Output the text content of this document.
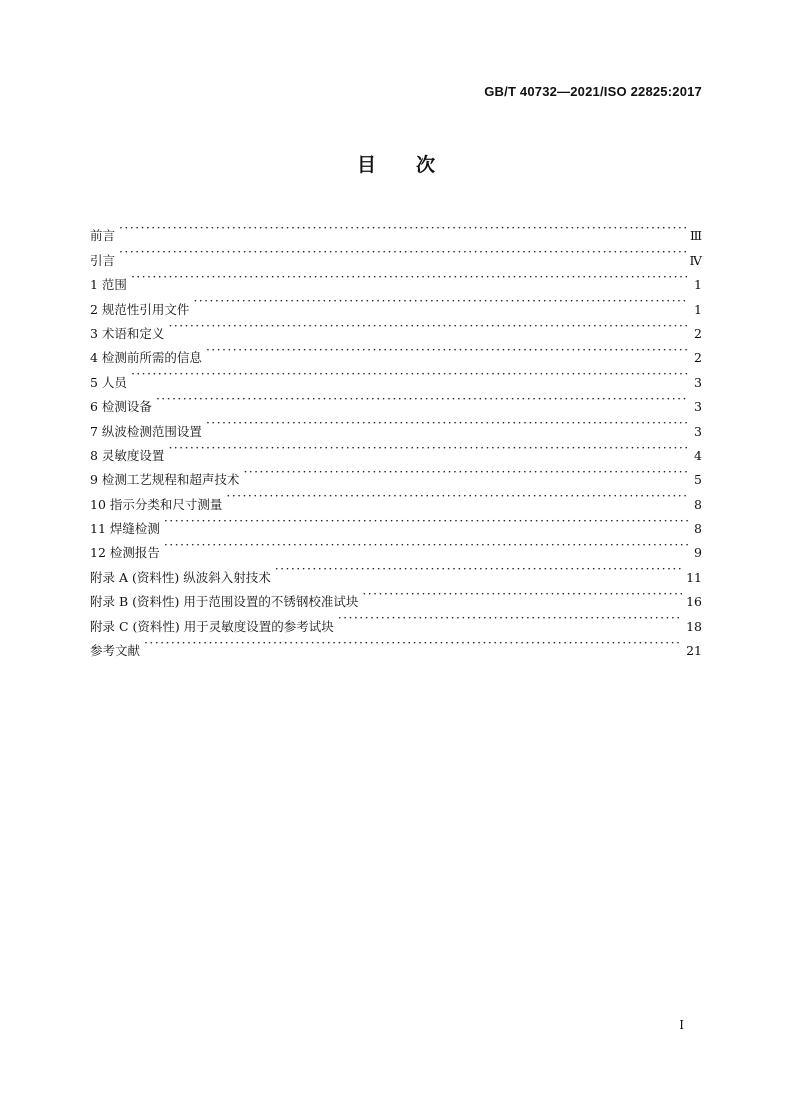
GB/T 40732—2021/ISO 22825:2017
目 次
前言 ·····	Ⅲ
引言 ·····	Ⅳ
1 范围 ·····	1
2 规范性引用文件 ·····	1
3 术语和定义 ·····	2
4 检测前所需的信息 ·····	2
5 人员 ·····	3
6 检测设备 ·····	3
7 纵波检测范围设置 ·····	3
8 灵敏度设置 ·····	4
9 检测工艺规程和超声技术 ·····	5
10 指示分类和尺寸测量 ·····	8
11 焊缝检测 ·····	8
12 检测报告 ·····	9
附录 A (资料性) 纵波斜入射技术 ·····	11
附录 B (资料性) 用于范围设置的不锈钢校准试块 ·····	16
附录 C (资料性) 用于灵敏度设置的参考试块 ·····	18
参考文献 ·····	21
I
